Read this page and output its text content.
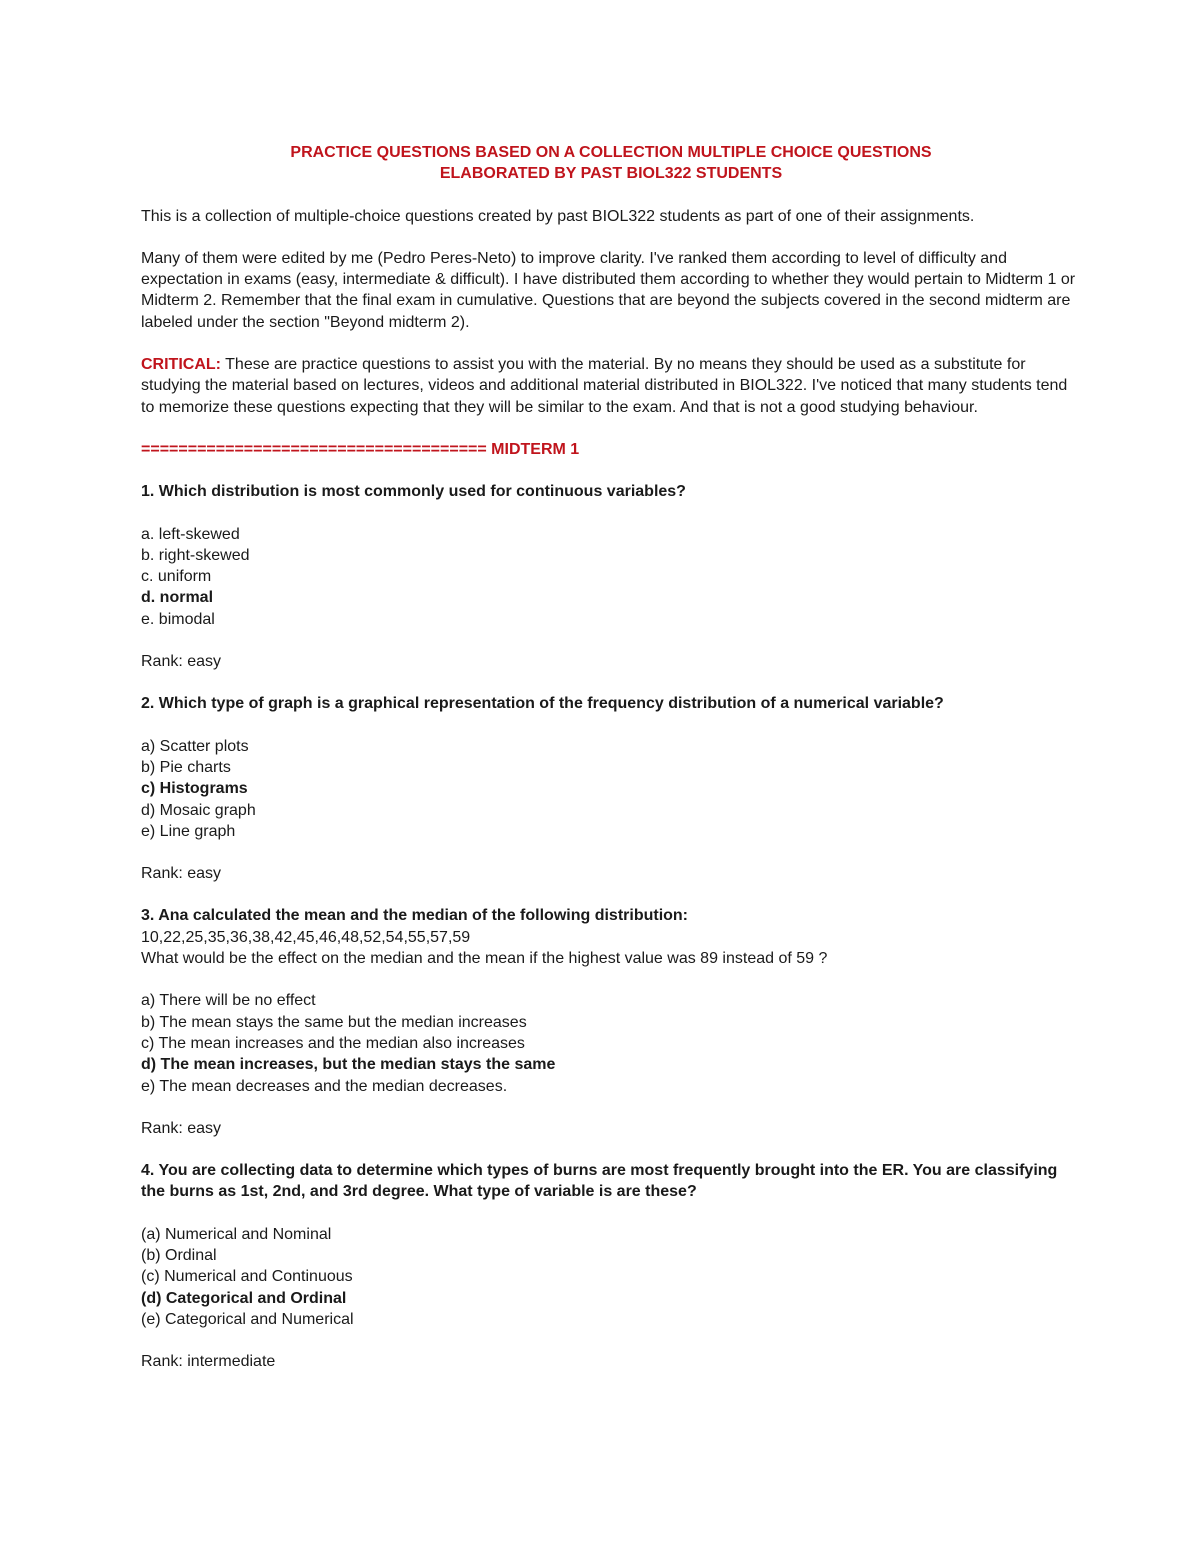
PRACTICE QUESTIONS BASED ON A COLLECTION MULTIPLE CHOICE QUESTIONS
ELABORATED BY PAST BIOL322 STUDENTS

This is a collection of multiple-choice questions created by past BIOL322 students as part of one of their assignments.

Many of them were edited by me (Pedro Peres-Neto) to improve clarity. I've ranked them according to level of difficulty and expectation in exams (easy, intermediate & difficult). I have distributed them according to whether they would pertain to Midterm 1 or Midterm 2. Remember that the final exam in cumulative. Questions that are beyond the subjects covered in the second midterm are labeled under the section "Beyond midterm 2).

CRITICAL: These are practice questions to assist you with the material. By no means they should be used as a substitute for studying the material based on lectures, videos and additional material distributed in BIOL322. I've noticed that many students tend to memorize these questions expecting that they will be similar to the exam. And that is not a good studying behaviour.

===================================== MIDTERM 1

1. Which distribution is most commonly used for continuous variables?

a. left-skewed
b. right-skewed
c. uniform
d. normal
e. bimodal

Rank: easy

2. Which type of graph is a graphical representation of the frequency distribution of a numerical variable?

a) Scatter plots
b) Pie charts
c) Histograms
d) Mosaic graph
e) Line graph

Rank: easy

3. Ana calculated the mean and the median of the following distribution:

10,22,25,35,36,38,42,45,46,48,52,54,55,57,59

What would be the effect on the median and the mean if the highest value was 89 instead of 59 ?

a) There will be no effect
b) The mean stays the same but the median increases
c) The mean increases and the median also increases
d) The mean increases, but the median stays the same
e) The mean decreases and the median decreases.

Rank: easy

4. You are collecting data to determine which types of burns are most frequently brought into the ER. You are classifying the burns as 1st, 2nd, and 3rd degree. What type of variable is are these?

(a) Numerical and Nominal
(b) Ordinal
(c) Numerical and Continuous
(d) Categorical and Ordinal
(e) Categorical and Numerical

Rank: intermediate
